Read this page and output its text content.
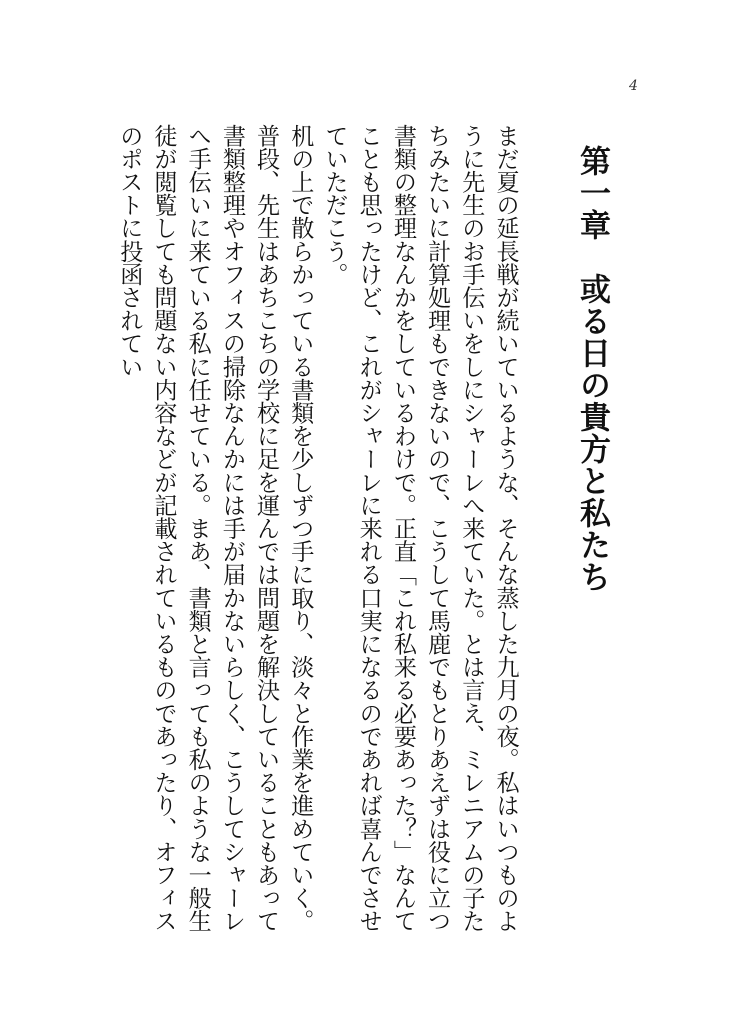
4
第一章　或る日の貴方と私たち

まだ夏の延長戦が続いているような、そんな蒸した九月の夜。私はいつものように先生のお手伝いをしにシャーレへ来ていた。とは言え、ミレニアムの子たちみたいに計算処理もできないので、こうして馬鹿でもとりあえずは役に立つ書類の整理なんかをしているわけで。正直「これ私来る必要あった？」なんてことも思ったけど、これがシャーレに来れる口実になるのであれば喜んでさせていただこう。

机の上で散らかっている書類を少しずつ手に取り、淡々と作業を進めていく。

普段、先生はあちこちの学校に足を運んでは問題を解決していることもあって書類整理やオフィスの掃除なんかには手が届かないらしく、こうしてシャーレへ手伝いに来ている私に任せている。まあ、書類と言っても私のような一般生徒が閲覧しても問題ない内容などが記載されているものであったり、オフィスのポストに投函されてい
